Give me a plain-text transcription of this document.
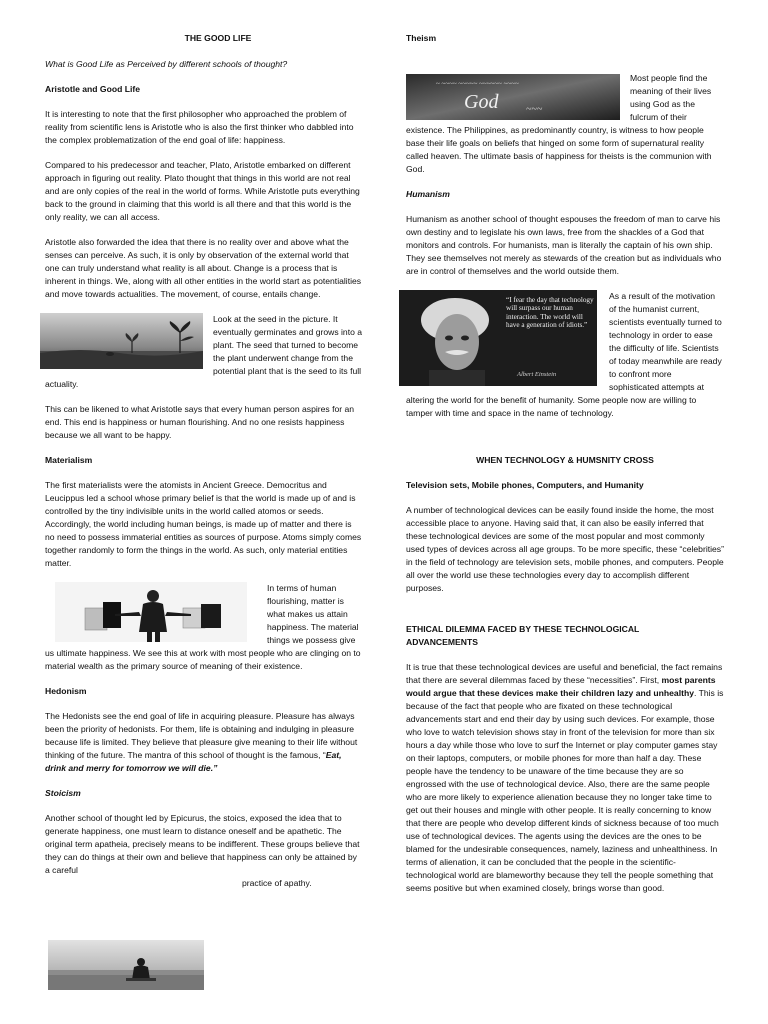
THE GOOD LIFE

What is Good Life as Perceived by different schools of thought?

Aristotle and Good Life

It is interesting to note that the first philosopher who approached the problem of reality from scientific lens is Aristotle who is also the first thinker who dabbled into the complex problematization of the end goal of life: happiness.

Compared to his predecessor and teacher, Plato, Aristotle embarked on different approach in figuring out reality. Plato thought that things in this world are not real and are only copies of the real in the world of forms. While Aristotle puts everything back to the ground in claiming that this world is all there and that this world is the only reality, we can all access.

Aristotle also forwarded the idea that there is no reality over and above what the senses can perceive. As such, it is only by observation of the external world that one can truly understand what reality is all about. Change is a process that is inherent in things. We, along with all other entities in the world start as potentialities and move towards actualities. The movement, of course, entails change.

Look at the seed in the picture. It eventually germinates and grows into a plant. The seed that turned to become the plant underwent change from the potential plant that is the seed to its full actuality.

This can be likened to what Aristotle says that every human person aspires for an end. This end is happiness or human flourishing. And no one resists happiness because we all want to be happy.

Materialism

The first materialists were the atomists in Ancient Greece. Democritus and Leucippus led a school whose primary belief is that the world is made up of and is controlled by the tiny indivisible units in the world called atomos or seeds. Accordingly, the world including human beings, is made up of matter and there is no need to possess immaterial entities as sources of purpose. Atoms simply comes together randomly to form the things in the world. As such, only material entities matter.

In terms of human flourishing, matter is what makes us attain happiness. The material things we possess give us ultimate happiness. We see this at work with most people who are clinging on to material wealth as the primary source of meaning of their existence.

Hedonism

The Hedonists see the end goal of life in acquiring pleasure. Pleasure has always been the priority of hedonists. For them, life is obtaining and indulging in pleasure because life is limited. They believe that pleasure give meaning to their life without thinking of the future. The mantra of this school of thought is the famous, “Eat, drink and merry for tomorrow we will die.”

Stoicism

Another school of thought led by Epicurus, the stoics, exposed the idea that to generate happiness, one must learn to distance oneself and be apathetic. The original term apatheia, precisely means to be indifferent. These groups believe that they can do things at their own and believe that happiness can only be attained by a careful

practice of apathy.

Theism

~ ~~~~ ~~~~~ ~~~~~~ ~~~~
God	~~~

Most people find the meaning of their lives using God as the fulcrum of their existence. The Philippines, as predominantly country, is witness to how people base their life goals on beliefs that hinged on some form of supernatural reality called heaven. The ultimate basis of happiness for theists is the communion with God.

Humanism

Humanism as another school of thought espouses the freedom of man to carve his own destiny and to legislate his own laws, free from the shackles of a God that monitors and controls. For humanists, man is literally the captain of his own ship. They see themselves not merely as stewards of the creation but as individuals who are in control of themselves and the world outside them.

“I fear the day that technology will surpass our human interaction. The world will have a generation of idiots.”
Albert Einstein

As a result of the motivation of the humanist current, scientists eventually turned to technology in order to ease the difficulty of life. Scientists of today meanwhile are ready to confront more sophisticated attempts at altering the world for the benefit of humanity. Some people now are willing to tamper with time and space in the name of technology.

WHEN TECHNOLOGY & HUMSNITY CROSS

Television sets, Mobile phones, Computers, and Humanity

A number of technological devices can be easily found inside the home, the most accessible place to anyone. Having said that, it can also be easily inferred that these technological devices are some of the most popular and most commonly used types of devices across all age groups. To be more specific, these “celebrities” in the field of technology are television sets, mobile phones, and computers. People all over the world use these technologies every day to accomplish different purposes.

ETHICAL DILEMMA FACED BY THESE TECHNOLOGICAL
ADVANCEMENTS

It is true that these technological devices are useful and beneficial, the fact remains that there are several dilemmas faced by these “necessities”. First, most parents would argue that these devices make their children lazy and unhealthy. This is because of the fact that people who are fixated on these technological advancements start and end their day by using such devices. For example, those who love to watch television shows stay in front of the television for more than six hours a day while those who love to surf the Internet or play computer games stay on their laptops, computers, or mobile phones for more than half a day. These people have the tendency to be unaware of the time because they are so engrossed with the use of technological device. Also, there are the same people who are more likely to experience alienation because they no longer take time to get out their houses and mingle with other people. It is really concerning to know that there are people who develop different kinds of sickness because of too much use of technological devices. The agents using the devices are the ones to be blamed for the undesirable consequences, namely, laziness and unhealthiness. In terms of alienation, it can be concluded that the people in the scientific-technological world are blameworthy because they tell the people something that seems positive but when examined closely, brings worse than good.
